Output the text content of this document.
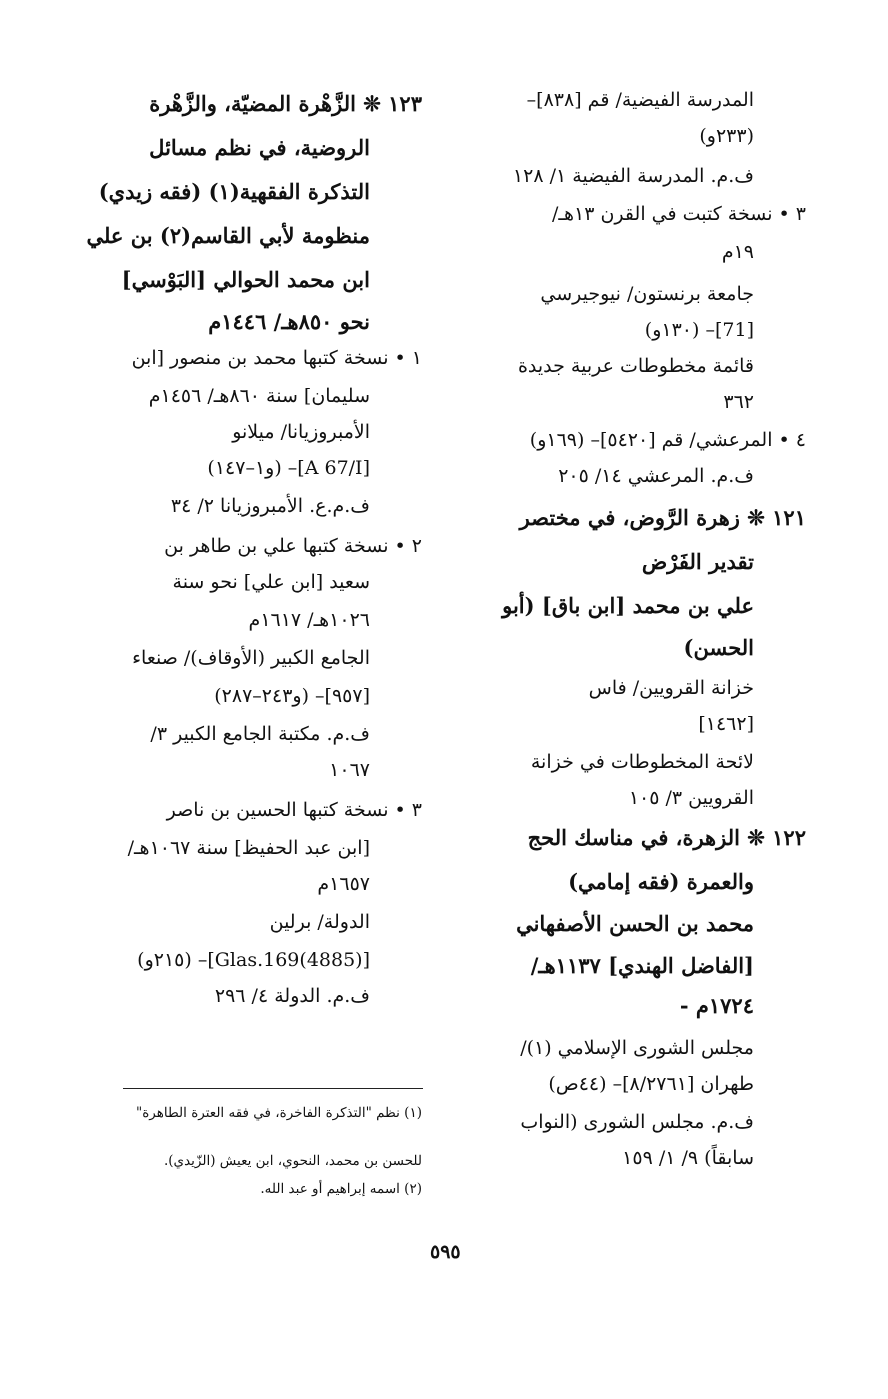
المدرسة الفيضية/ قم [٨٣٨]–
(٢٣٣و)
ف.م. المدرسة الفيضية ١/ ١٢٨
٣ • نسخة كتبت في القرن ١٣هـ/
١٩م
جامعة برنستون/ نيوجيرسي
[71]– (١٣٠و)
قائمة مخطوطات عربية جديدة
٣٦٢
٤ • المرعشي/ قم [٥٤٢٠]– (١٦٩و)
ف.م. المرعشي ١٤/ ٢٠٥
١٢١ ❊ زهرة الرَّوض، في مختصر
تقدير الفَرْض
علي بن محمد [ابن باق] (أبو
الحسن)
خزانة القرويين/ فاس
[١٤٦٢]
لائحة المخطوطات في خزانة
القرويين ٣/ ١٠٥
١٢٢ ❊ الزهرة، في مناسك الحج
والعمرة (فقه إمامي)
محمد بن الحسن الأصفهاني
[الفاضل الهندي] ١١٣٧هـ/
١٧٢٤م -
مجلس الشورى الإسلامي (١)/
طهران [٨/٢٧٦١]– (٤٤ص)
ف.م. مجلس الشورى (النواب
سابقاً) ٩/ ١/ ١٥٩
١٢٣ ❊ الزَّهْرة المضيّة، والزَّهْرة
الروضية، في نظم مسائل
التذكرة الفقهية(١) (فقه زيدي)
منظومة لأبي القاسم(٢) بن علي
ابن محمد الحوالي [البَوْسي]
نحو ٨٥٠هـ/ ١٤٤٦م
١ • نسخة كتبها محمد بن منصور [ابن
سليمان] سنة ٨٦٠هـ/ ١٤٥٦م
الأمبروزيانا/ ميلانو
[A 67/I]– (و١–١٤٧)
ف.م.ع. الأمبروزيانا ٢/ ٣٤
٢ • نسخة كتبها علي بن طاهر بن
سعيد [ابن علي] نحو سنة
١٠٢٦هـ/ ١٦١٧م
الجامع الكبير (الأوقاف)/ صنعاء
[٩٥٧]– (و٢٤٣–٢٨٧)
ف.م. مكتبة الجامع الكبير ٣/
١٠٦٧
٣ • نسخة كتبها الحسين بن ناصر
[ابن عبد الحفيظ] سنة ١٠٦٧هـ/
١٦٥٧م
الدولة/ برلين
[(4885)Glas.169]– (٢١٥و)
ف.م. الدولة ٤/ ٢٩٦
(١) نظم "التذكرة الفاخرة، في فقه العترة الطاهرة"
للحسن بن محمد، النحوي، ابن يعيش (الزّيدي).
(٢) اسمه إبراهيم أو عبد الله.
٥٩٥
